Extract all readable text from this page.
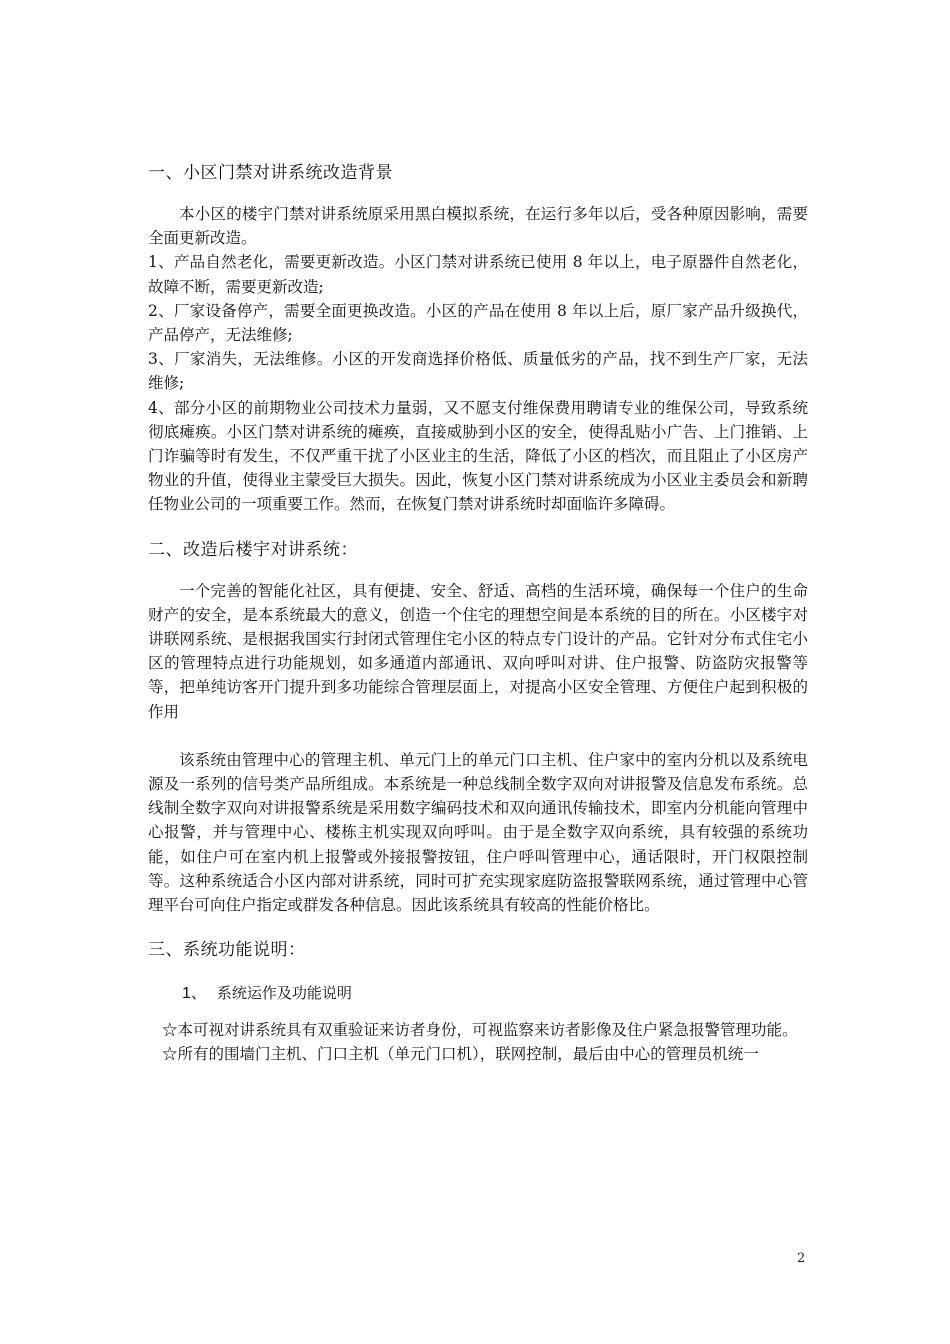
一、小区门禁对讲系统改造背景

本小区的楼宇门禁对讲系统原采用黑白模拟系统，在运行多年以后，受各种原因影响，需要全面更新改造。

1、产品自然老化，需要更新改造。小区门禁对讲系统已使用 8 年以上，电子原器件自然老化，故障不断，需要更新改造;

2、厂家设备停产，需要全面更换改造。小区的产品在使用 8 年以上后，原厂家产品升级换代，产品停产，无法维修;

3、厂家消失，无法维修。小区的开发商选择价格低、质量低劣的产品，找不到生产厂家，无法维修;

4、部分小区的前期物业公司技术力量弱，又不愿支付维保费用聘请专业的维保公司，导致系统彻底瘫痪。小区门禁对讲系统的瘫痪，直接威胁到小区的安全，使得乱贴小广告、上门推销、上门诈骗等时有发生，不仅严重干扰了小区业主的生活，降低了小区的档次，而且阻止了小区房产物业的升值，使得业主蒙受巨大损失。因此，恢复小区门禁对讲系统成为小区业主委员会和新聘任物业公司的一项重要工作。然而，在恢复门禁对讲系统时却面临许多障碍。

二、改造后楼宇对讲系统：

一个完善的智能化社区，具有便捷、安全、舒适、高档的生活环境，确保每一个住户的生命财产的安全，是本系统最大的意义，创造一个住宅的理想空间是本系统的目的所在。小区楼宇对讲联网系统、是根据我国实行封闭式管理住宅小区的特点专门设计的产品。它针对分布式住宅小区的管理特点进行功能规划，如多通道内部通讯、双向呼叫对讲、住户报警、防盗防灾报警等等，把单纯访客开门提升到多功能综合管理层面上，对提高小区安全管理、方便住户起到积极的作用

该系统由管理中心的管理主机、单元门上的单元门口主机、住户家中的室内分机以及系统电源及一系列的信号类产品所组成。本系统是一种总线制全数字双向对讲报警及信息发布系统。总线制全数字双向对讲报警系统是采用数字编码技术和双向通讯传输技术，即室内分机能向管理中心报警，并与管理中心、楼栋主机实现双向呼叫。由于是全数字双向系统，具有较强的系统功能，如住户可在室内机上报警或外接报警按钮，住户呼叫管理中心，通话限时，开门权限控制等。这种系统适合小区内部对讲系统，同时可扩充实现家庭防盗报警联网系统，通过管理中心管理平台可向住户指定或群发各种信息。因此该系统具有较高的性能价格比。

三、系统功能说明：

1、 系统运作及功能说明

☆本可视对讲系统具有双重验证来访者身份，可视监察来访者影像及住户紧急报警管理功能。

☆所有的围墙门主机、门口主机（单元门口机），联网控制，最后由中心的管理员机统一

2
